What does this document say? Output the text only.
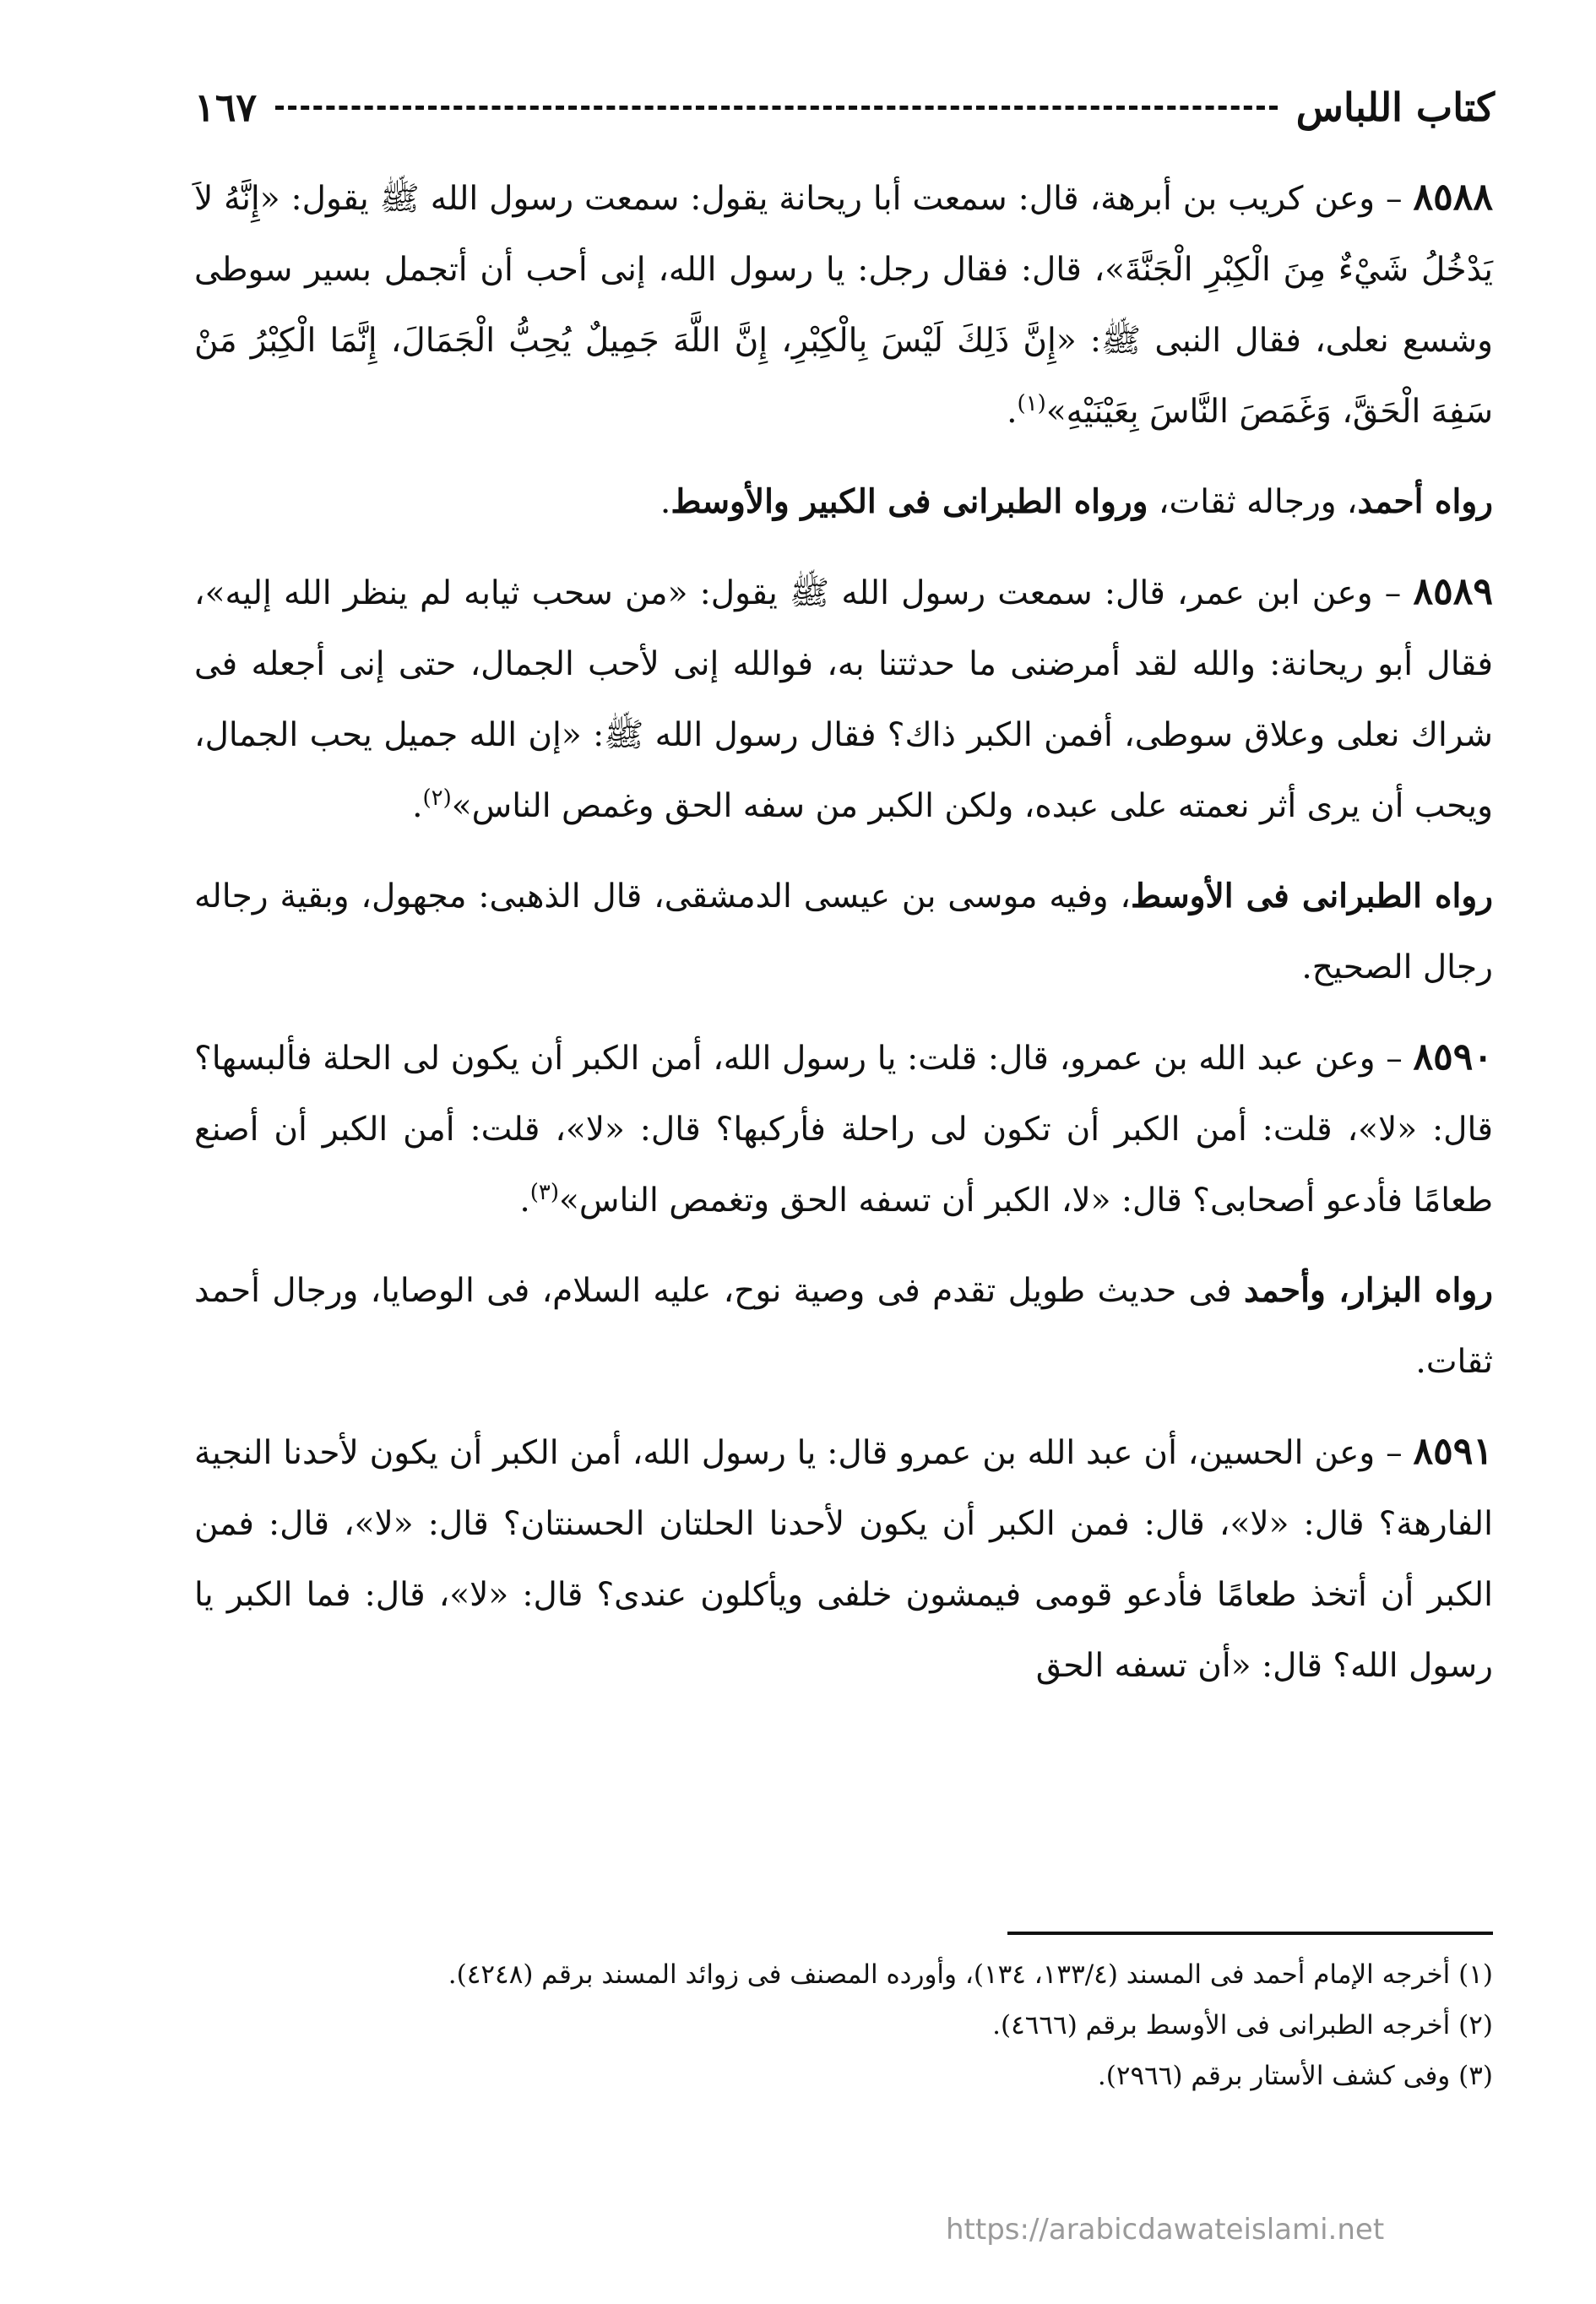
كتاب اللباس
١٦٧

٨٥٨٨ – وعن كريب بن أبرهة، قال: سمعت أبا ريحانة يقول: سمعت رسول الله ﷺ يقول: «إِنَّهُ لاَ يَدْخُلُ شَيْءٌ مِنَ الْكِبْرِ الْجَنَّةَ»، قال: فقال رجل: يا رسول الله، إنى أحب أن أتجمل بسير سوطى وشسع نعلى، فقال النبى ﷺ: «إِنَّ ذَلِكَ لَيْسَ بِالْكِبْرِ، إِنَّ اللَّهَ جَمِيلٌ يُحِبُّ الْجَمَالَ، إِنَّمَا الْكِبْرُ مَنْ سَفِهَ الْحَقَّ، وَغَمَصَ النَّاسَ بِعَيْنَيْهِ»$^{(١)}$.

رواه أحمد، ورجاله ثقات، ورواه الطبرانى فى الكبير والأوسط.

٨٥٨٩ – وعن ابن عمر، قال: سمعت رسول الله ﷺ يقول: «من سحب ثيابه لم ينظر الله إليه»، فقال أبو ريحانة: والله لقد أمرضنى ما حدثتنا به، فوالله إنى لأحب الجمال، حتى إنى أجعله فى شراك نعلى وعلاق سوطى، أفمن الكبر ذاك؟ فقال رسول الله ﷺ: «إن الله جميل يحب الجمال، ويحب أن يرى أثر نعمته على عبده، ولكن الكبر من سفه الحق وغمص الناس»$^{(٢)}$.

رواه الطبرانى فى الأوسط، وفيه موسى بن عيسى الدمشقى، قال الذهبى: مجهول، وبقية رجاله رجال الصحيح.

٨٥٩٠ – وعن عبد الله بن عمرو، قال: قلت: يا رسول الله، أمن الكبر أن يكون لى الحلة فألبسها؟ قال: «لا»، قلت: أمن الكبر أن تكون لى راحلة فأركبها؟ قال: «لا»، قلت: أمن الكبر أن أصنع طعامًا فأدعو أصحابى؟ قال: «لا، الكبر أن تسفه الحق وتغمص الناس»$^{(٣)}$.

رواه البزار، وأحمد فى حديث طويل تقدم فى وصية نوح، عليه السلام، فى الوصايا، ورجال أحمد ثقات.

٨٥٩١ – وعن الحسين، أن عبد الله بن عمرو قال: يا رسول الله، أمن الكبر أن يكون لأحدنا النجية الفارهة؟ قال: «لا»، قال: فمن الكبر أن يكون لأحدنا الحلتان الحسنتان؟ قال: «لا»، قال: فمن الكبر أن أتخذ طعامًا فأدعو قومى فيمشون خلفى ويأكلون عندى؟ قال: «لا»، قال: فما الكبر يا رسول الله؟ قال: «أن تسفه الحق

(١) أخرجه الإمام أحمد فى المسند (١٣٣/٤، ١٣٤)، وأورده المصنف فى زوائد المسند برقم (٤٢٤٨).

(٢) أخرجه الطبرانى فى الأوسط برقم (٤٦٦٦).

(٣) وفى كشف الأستار برقم (٢٩٦٦).

https://arabicdawateislami.net
